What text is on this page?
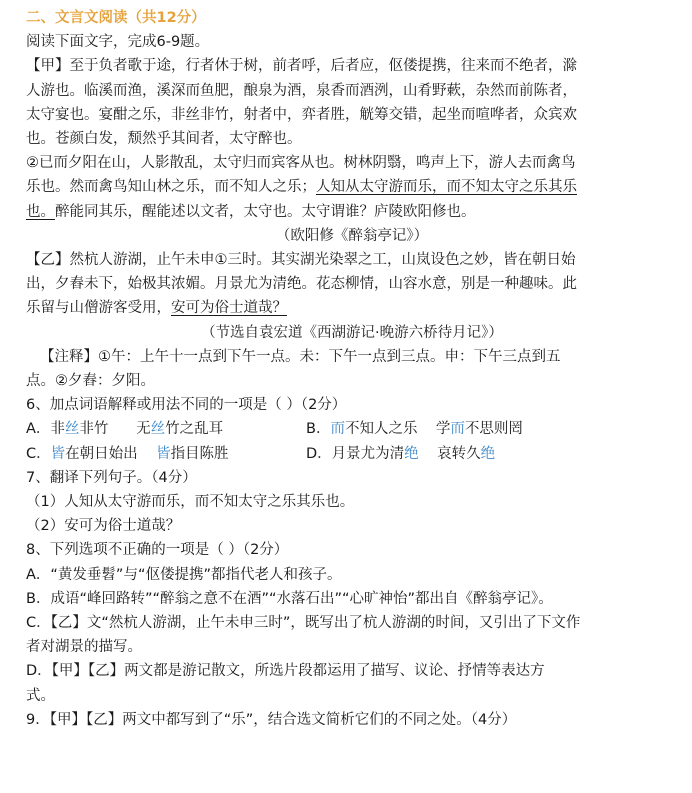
二、文言文阅读（共12分）
阅读下面文字，完成6-9题。
【甲】至于负者歌于途，行者休于树，前者呼，后者应，伛偻提携，往来而不绝者，滁
人游也。临溪而渔，溪深而鱼肥，酿泉为酒，泉香而酒洌，山肴野蔌，杂然而前陈者，
太守宴也。宴酣之乐，非丝非竹，射者中，弈者胜，觥筹交错，起坐而喧哗者，众宾欢
也。苍颜白发，颓然乎其间者，太守醉也。
②已而夕阳在山，人影散乱，太守归而宾客从也。树林阴翳，鸣声上下，游人去而禽鸟
乐也。然而禽鸟知山林之乐，而不知人之乐；人知从太守游而乐，而不知太守之乐其乐
也。醉能同其乐，醒能述以文者，太守也。太守谓谁？庐陵欧阳修也。
（欧阳修《醉翁亭记》）
【乙】然杭人游湖，止午未申①三时。其实湖光染翠之工，山岚设色之妙，皆在朝日始
出，夕舂未下，始极其浓媚。月景尤为清绝。花态柳情，山容水意，别是一种趣味。此
乐留与山僧游客受用，安可为俗士道哉？
（节选自袁宏道《西湖游记·晚游六桥待月记》）
【注释】①午：上午十一点到下午一点。未：下午一点到三点。申：下午三点到五
点。②夕舂：夕阳。
6、加点词语解释或用法不同的一项是（ ）（2分）
A．非丝非竹      无丝竹之乱耳	B．而不知人之乐    学而不思则罔
C．皆在朝日始出    皆指目陈胜	D．月景尤为清绝    哀转久绝
7、翻译下列句子。（4分）
（1）人知从太守游而乐，而不知太守之乐其乐也。
（2）安可为俗士道哉？
8、下列选项不正确的一项是（ ）（2分）
A．“黄发垂髫”与“伛偻提携”都指代老人和孩子。
B．成语“峰回路转”“醉翁之意不在酒”“水落石出”“心旷神怡”都出自《醉翁亭记》。
C．【乙】文“然杭人游湖，止午未申三时”，既写出了杭人游湖的时间，又引出了下文作
者对湖景的描写。
D．【甲】【乙】两文都是游记散文，所选片段都运用了描写、议论、抒情等表达方
式。
9．【甲】【乙】两文中都写到了“乐”，结合选文简析它们的不同之处。（4分）
